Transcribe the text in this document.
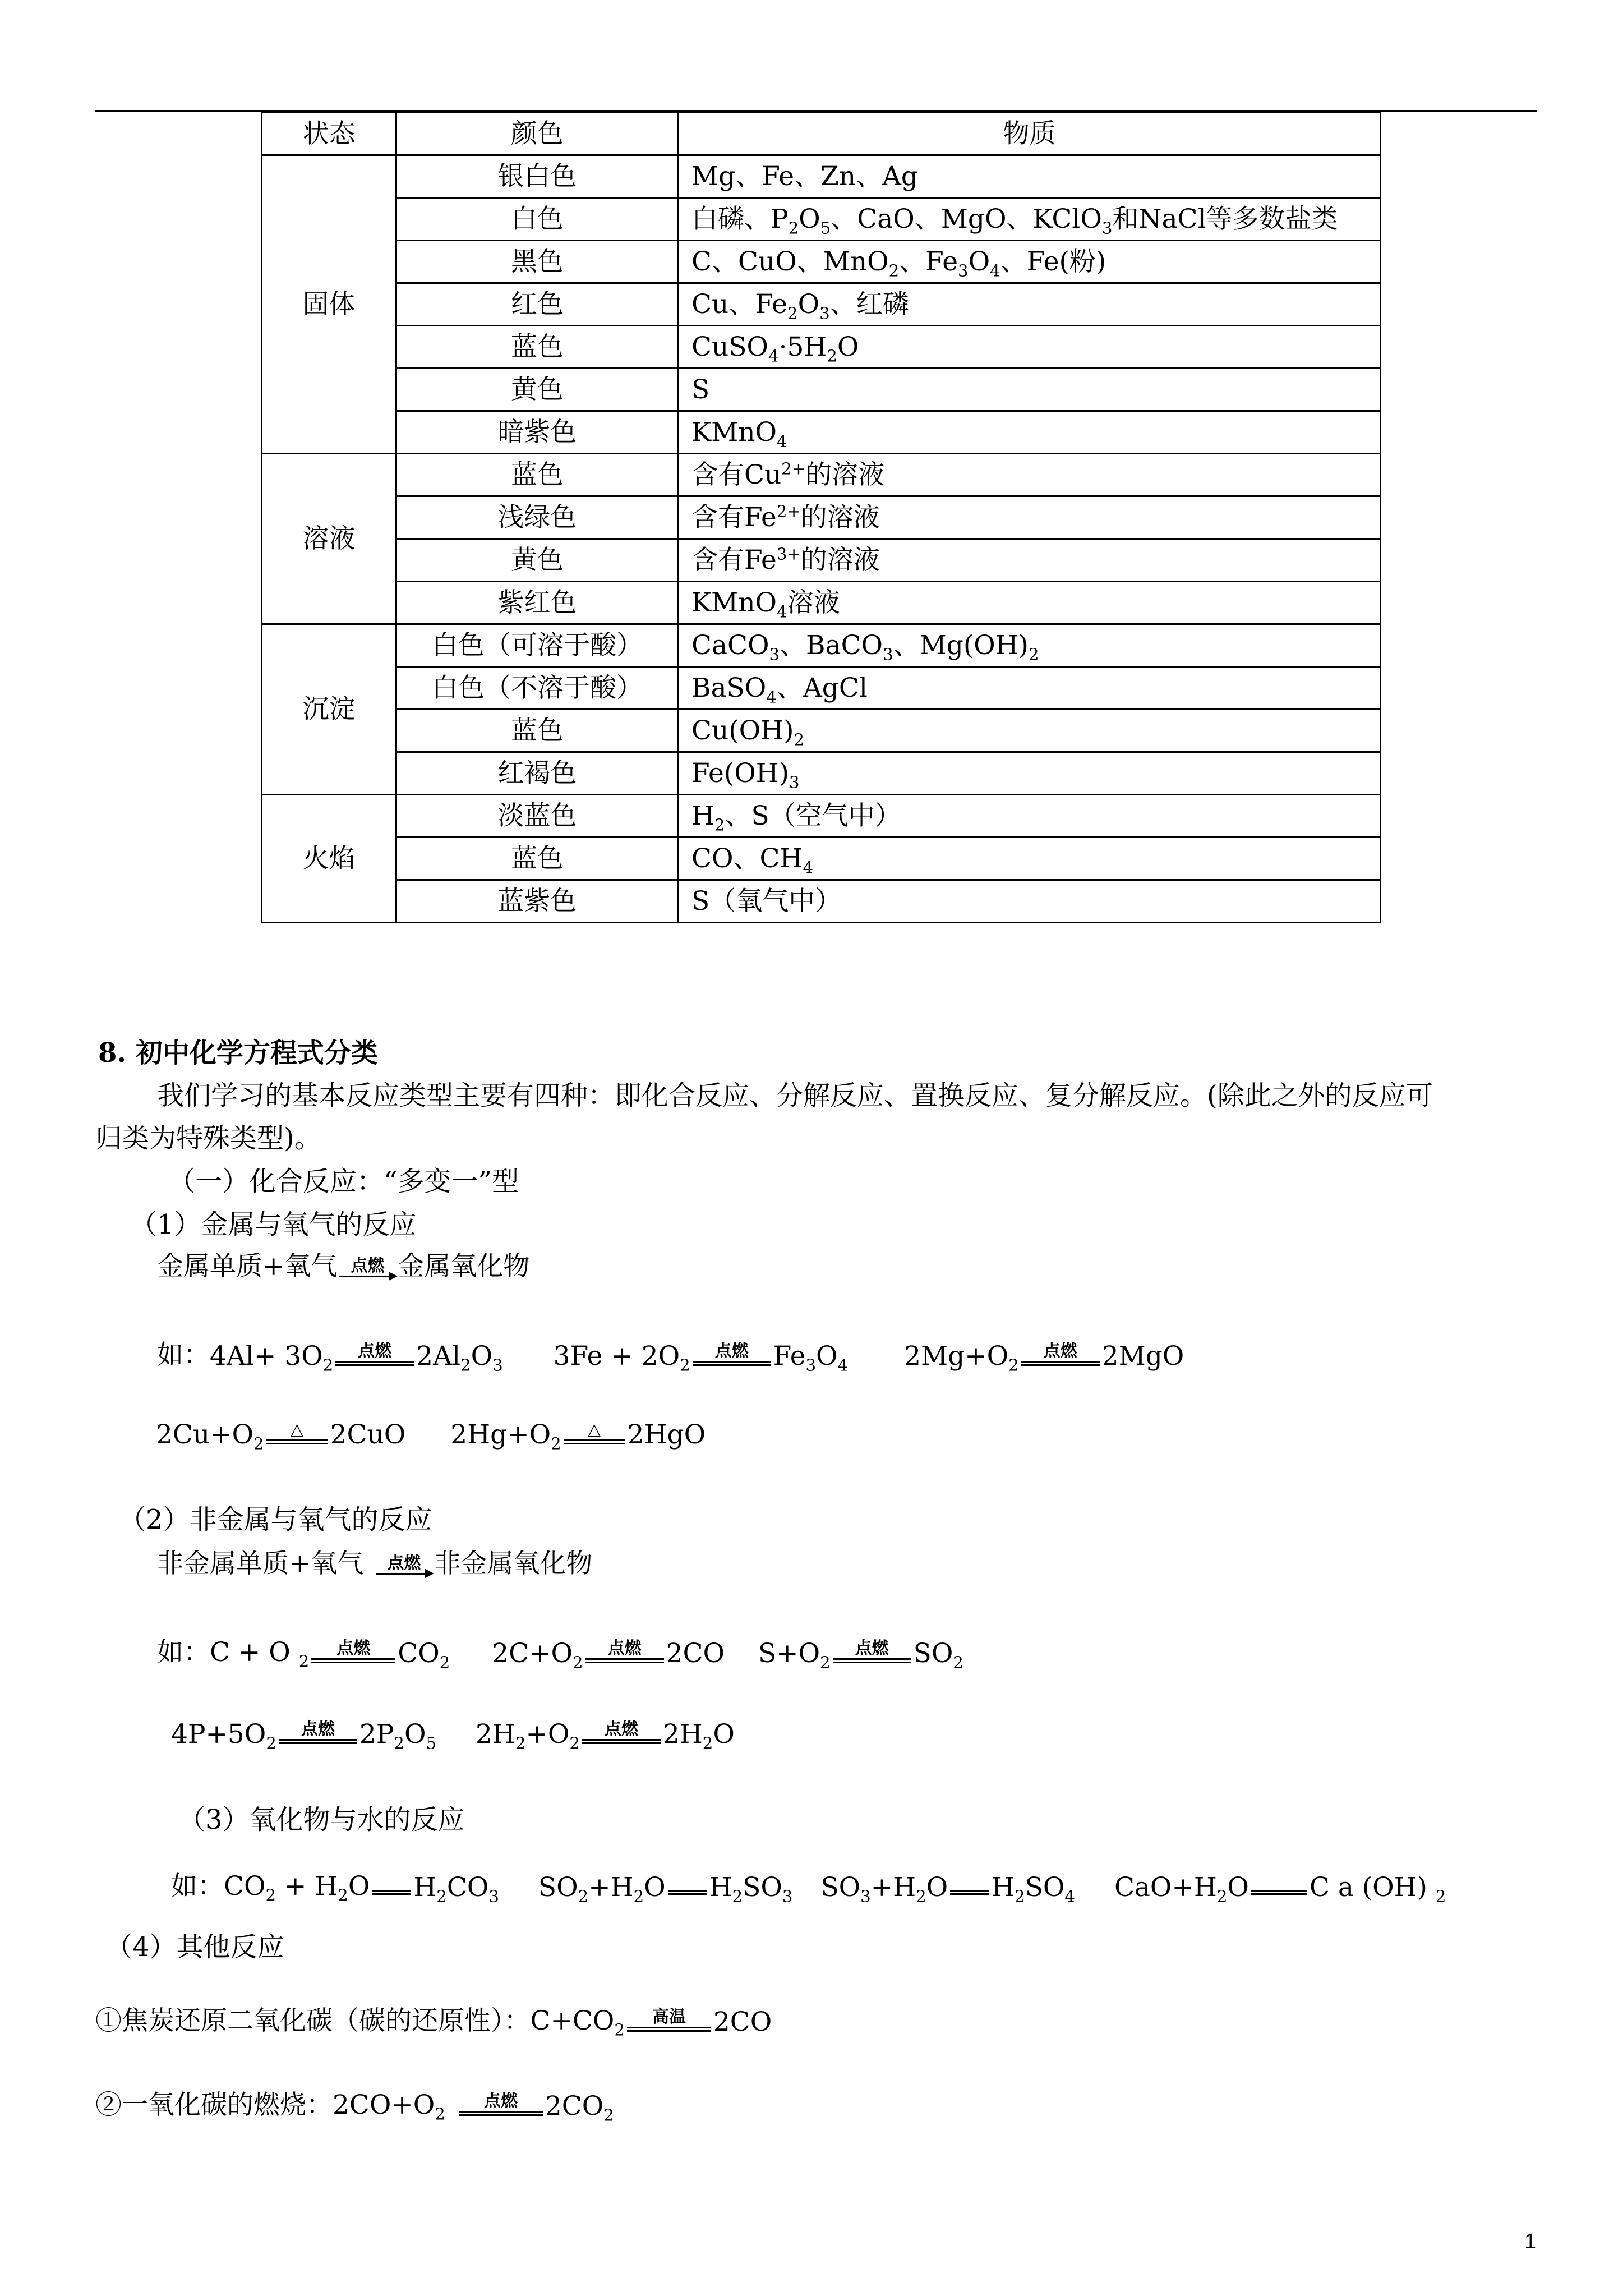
状态	颜色	物质
固体	银白色	Mg、Fe、Zn、Ag
	白色	白磷、$P_2O_5$、CaO、MgO、KClO$_3$和NaCl等多数盐类
	黑色	C、CuO、MnO$_2$、$Fe_3O_4$、Fe(粉)
	红色	Cu、$Fe_2O_3$、红磷
	蓝色	$CuSO_4\cdot 5H_2O$
	黄色	S
	暗紫色	KMnO$_4$
溶液	蓝色	含有$Cu^{2+}$的溶液
	浅绿色	含有$Fe^{2+}$的溶液
	黄色	含有$Fe^{3+}$的溶液
	紫红色	KMnO$_4$溶液
沉淀	白色（可溶于酸）	CaCO$_3$、BaCO$_3$、$Mg(OH)_2$
	白色（不溶于酸）	BaSO$_4$、AgCl
	蓝色	$Cu(OH)_2$
	红褐色	$Fe(OH)_3$
火焰	淡蓝色	$H_2$、S（空气中）
	蓝色	CO、$CH_4$
	蓝紫色	S（氧气中）
8. 初中化学方程式分类
我们学习的基本反应类型主要有四种：即化合反应、分解反应、置换反应、复分解反应。(除此之外的反应可
归类为特殊类型)。
（一）化合反应：“多变一”型
（1）金属与氧气的反应
金属单质+氧气 点燃 金属氧化物
如： $4Al+ 3O_2$
点燃 $2Al_2O_3$ $3Fe + 2O_2$
点燃 $Fe_3O_4$ $2Mg+O_2$
点燃 2MgO
$2Cu+O_2$
△ 2CuO $2Hg+O_2$
△ 2HgO
（2）非金属与氧气的反应
非金属单质+氧气 点燃 非金属氧化物
如：C + O $_2$
点燃 $CO_2$ $2C+O_2$
点燃 2CO $S+O_2$
点燃 $SO_2$
$4P+5O_2$
点燃 $2P_2O_5$ $2H_2+O_2$
点燃 $2H_2O$
（3）氧化物与水的反应
如：$CO_2 + H_2O$ $H_2CO_3$ $SO_2+H_2O$ $H_2SO_3$ $SO_3+H_2O$ $H_2SO_4$ $CaO+H_2O$ C a (OH) $_2$
（4）其他反应
①焦炭还原二氧化碳（碳的还原性）：$C+CO_2$
高温 2CO
②一氧化碳的燃烧：$2CO+O_2$
点燃 $2CO_2$
1
